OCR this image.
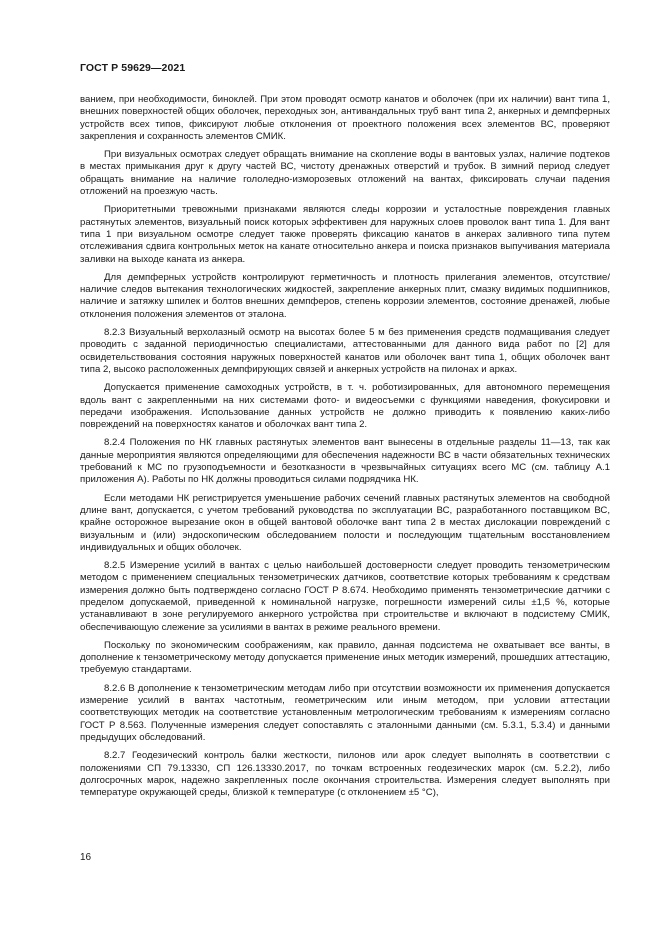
ГОСТ Р 59629—2021

ванием, при необходимости, биноклей. При этом проводят осмотр канатов и оболочек (при их наличии) вант типа 1, внешних поверхностей общих оболочек, переходных зон, антивандальных труб вант типа 2, анкерных и демпферных устройств всех типов, фиксируют любые отклонения от проектного положения всех элементов ВС, проверяют закрепления и сохранность элементов СМИК.

При визуальных осмотрах следует обращать внимание на скопление воды в вантовых узлах, наличие подтеков в местах примыкания друг к другу частей ВС, чистоту дренажных отверстий и трубок. В зимний период следует обращать внимание на наличие гололедно-изморозевых отложений на вантах, фиксировать случаи падения отложений на проезжую часть.

Приоритетными тревожными признаками являются следы коррозии и усталостные повреждения главных растянутых элементов, визуальный поиск которых эффективен для наружных слоев проволок вант типа 1. Для вант типа 1 при визуальном осмотре следует также проверять фиксацию канатов в анкерах заливного типа путем отслеживания сдвига контрольных меток на канате относительно анкера и поиска признаков выпучивания материала заливки на выходе каната из анкера.

Для демпферных устройств контролируют герметичность и плотность прилегания элементов, отсутствие/наличие следов вытекания технологических жидкостей, закрепление анкерных плит, смазку видимых подшипников, наличие и затяжку шпилек и болтов внешних демпферов, степень коррозии элементов, состояние дренажей, любые отклонения положения элементов от эталона.

8.2.3 Визуальный верхолазный осмотр на высотах более 5 м без применения средств подмащивания следует проводить с заданной периодичностью специалистами, аттестованными для данного вида работ по [2] для освидетельствования состояния наружных поверхностей канатов или оболочек вант типа 1, общих оболочек вант типа 2, высоко расположенных демпфирующих связей и анкерных устройств на пилонах и арках.

Допускается применение самоходных устройств, в т. ч. роботизированных, для автономного перемещения вдоль вант с закрепленными на них системами фото- и видеосъемки с функциями наведения, фокусировки и передачи изображения. Использование данных устройств не должно приводить к появлению каких-либо повреждений на поверхностях канатов и оболочках вант типа 2.

8.2.4 Положения по НК главных растянутых элементов вант вынесены в отдельные разделы 11—13, так как данные мероприятия являются определяющими для обеспечения надежности ВС в части обязательных технических требований к МС по грузоподъемности и безотказности в чрезвычайных ситуациях всего МС (см. таблицу А.1 приложения А). Работы по НК должны проводиться силами подрядчика НК.

Если методами НК регистрируется уменьшение рабочих сечений главных растянутых элементов на свободной длине вант, допускается, с учетом требований руководства по эксплуатации ВС, разработанного поставщиком ВС, крайне осторожное вырезание окон в общей вантовой оболочке вант типа 2 в местах дислокации повреждений с визуальным и (или) эндоскопическим обследованием полости и последующим тщательным восстановлением индивидуальных и общих оболочек.

8.2.5 Измерение усилий в вантах с целью наибольшей достоверности следует проводить тензометрическим методом с применением специальных тензометрических датчиков, соответствие которых требованиям к средствам измерения должно быть подтверждено согласно ГОСТ Р 8.674. Необходимо применять тензометрические датчики с пределом допускаемой, приведенной к номинальной нагрузке, погрешности измерений силы ±1,5 %, которые устанавливают в зоне регулируемого анкерного устройства при строительстве и включают в подсистему СМИК, обеспечивающую слежение за усилиями в вантах в режиме реального времени.

Поскольку по экономическим соображениям, как правило, данная подсистема не охватывает все ванты, в дополнение к тензометрическому методу допускается применение иных методик измерений, прошедших аттестацию, требуемую стандартами.

8.2.6 В дополнение к тензометрическим методам либо при отсутствии возможности их применения допускается измерение усилий в вантах частотным, геометрическим или иным методом, при условии аттестации соответствующих методик на соответствие установленным метрологическим требованиям к измерениям согласно ГОСТ Р 8.563. Полученные измерения следует сопоставлять с эталонными данными (см. 5.3.1, 5.3.4) и данными предыдущих обследований.

8.2.7 Геодезический контроль балки жесткости, пилонов или арок следует выполнять в соответствии с положениями СП 79.13330, СП 126.13330.2017, по точкам встроенных геодезических марок (см. 5.2.2), либо долгосрочных марок, надежно закрепленных после окончания строительства. Измерения следует выполнять при температуре окружающей среды, близкой к температуре (с отклонением ±5 °С),

16
